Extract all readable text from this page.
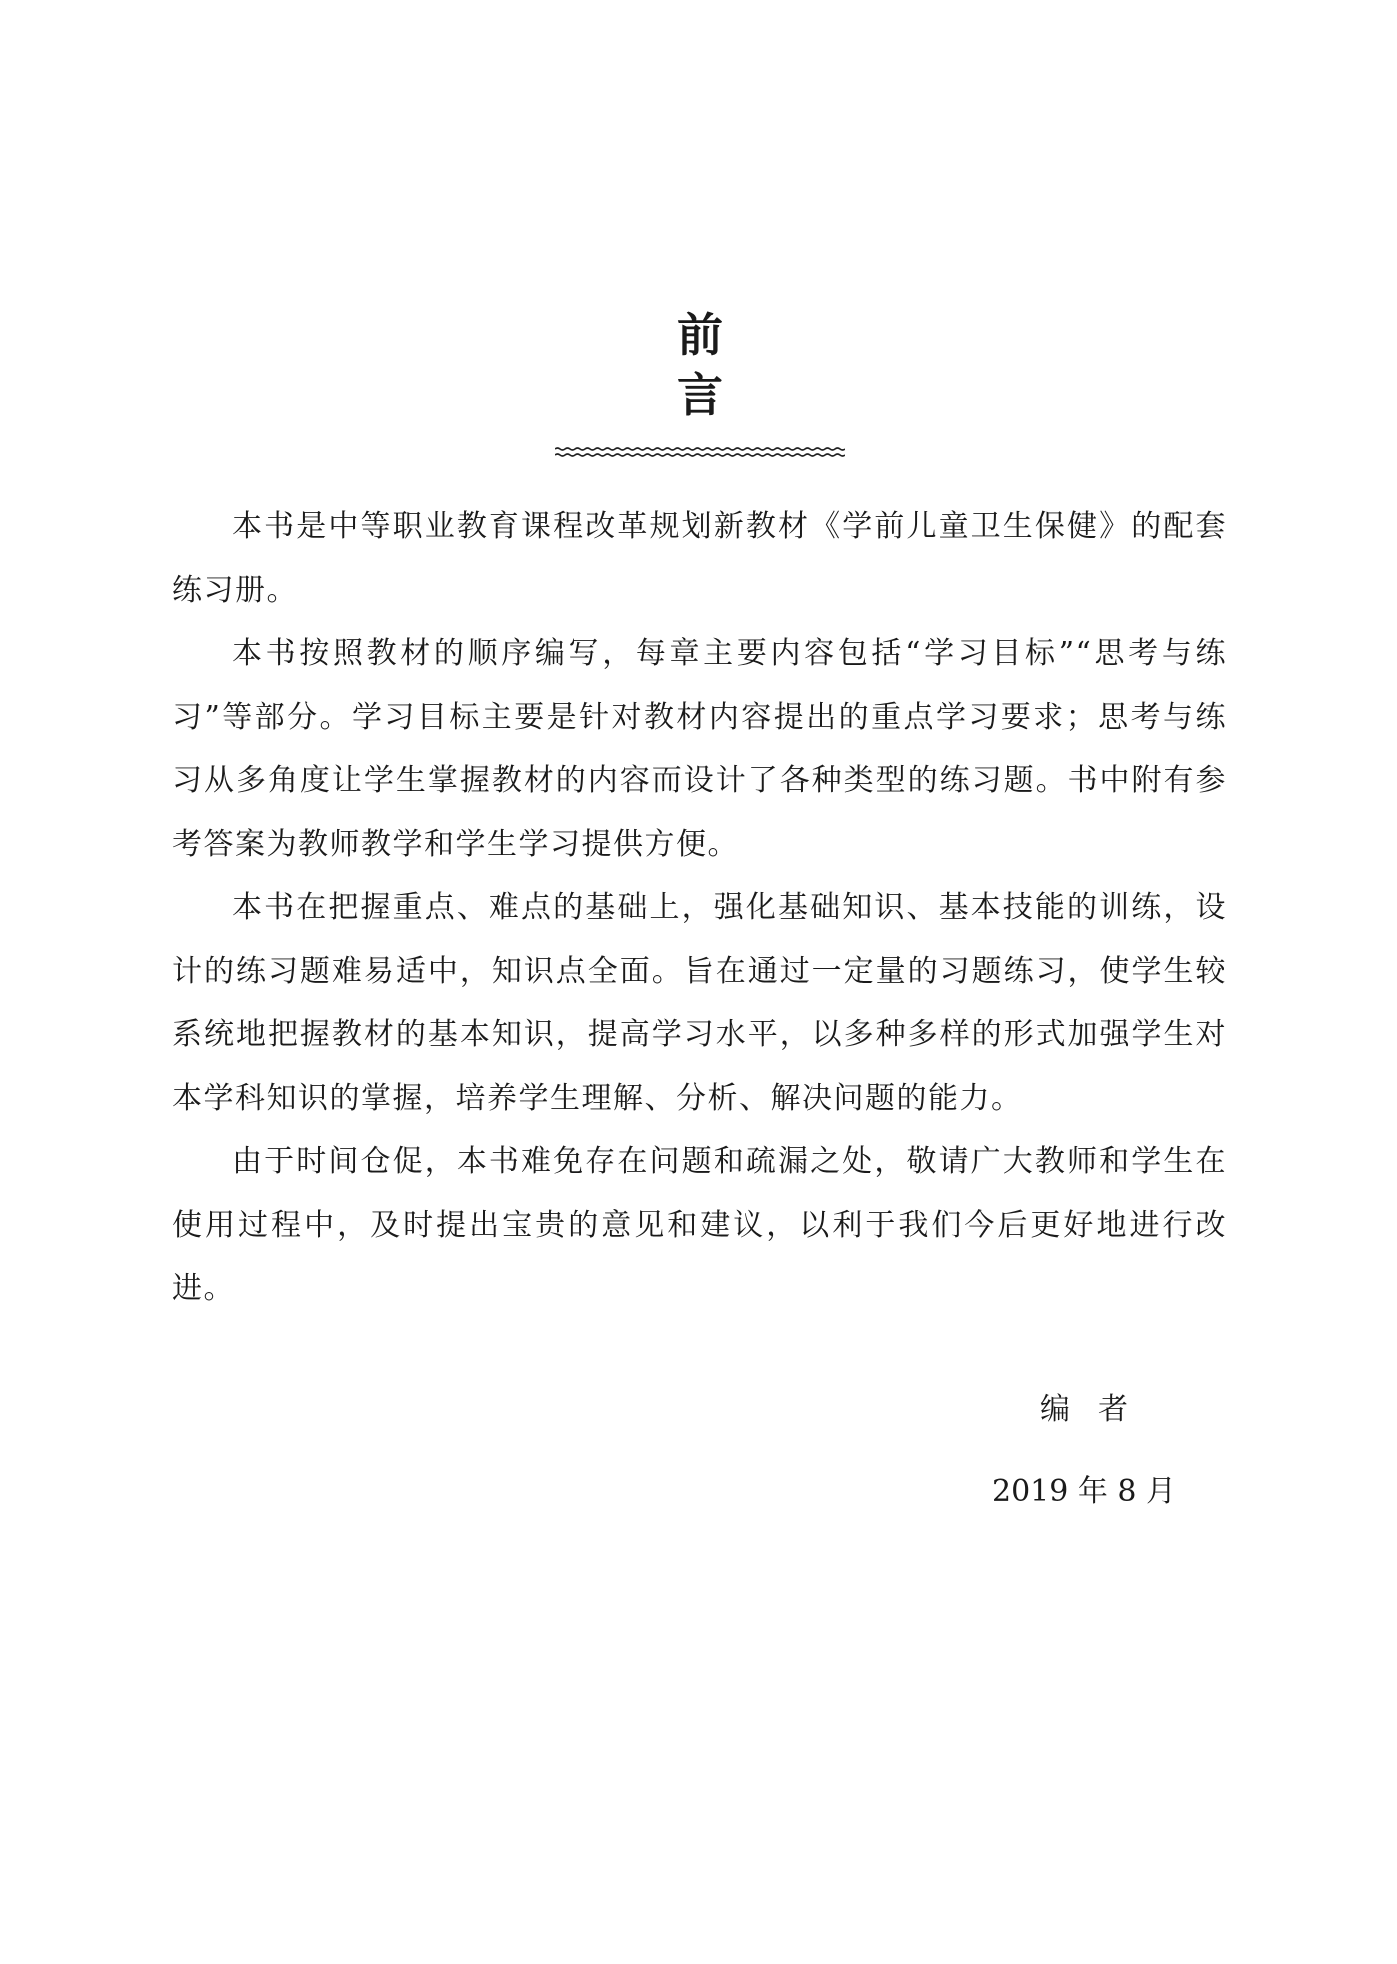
前　言

本书是中等职业教育课程改革规划新教材《学前儿童卫生保健》的配套练习册。

本书按照教材的顺序编写，每章主要内容包括“学习目标”“思考与练习”等部分。学习目标主要是针对教材内容提出的重点学习要求；思考与练习从多角度让学生掌握教材的内容而设计了各种类型的练习题。书中附有参考答案为教师教学和学生学习提供方便。

本书在把握重点、难点的基础上，强化基础知识、基本技能的训练，设计的练习题难易适中，知识点全面。旨在通过一定量的习题练习，使学生较系统地把握教材的基本知识，提高学习水平，以多种多样的形式加强学生对本学科知识的掌握，培养学生理解、分析、解决问题的能力。

由于时间仓促，本书难免存在问题和疏漏之处，敬请广大教师和学生在使用过程中，及时提出宝贵的意见和建议，以利于我们今后更好地进行改进。

编者
2019 年 8 月
